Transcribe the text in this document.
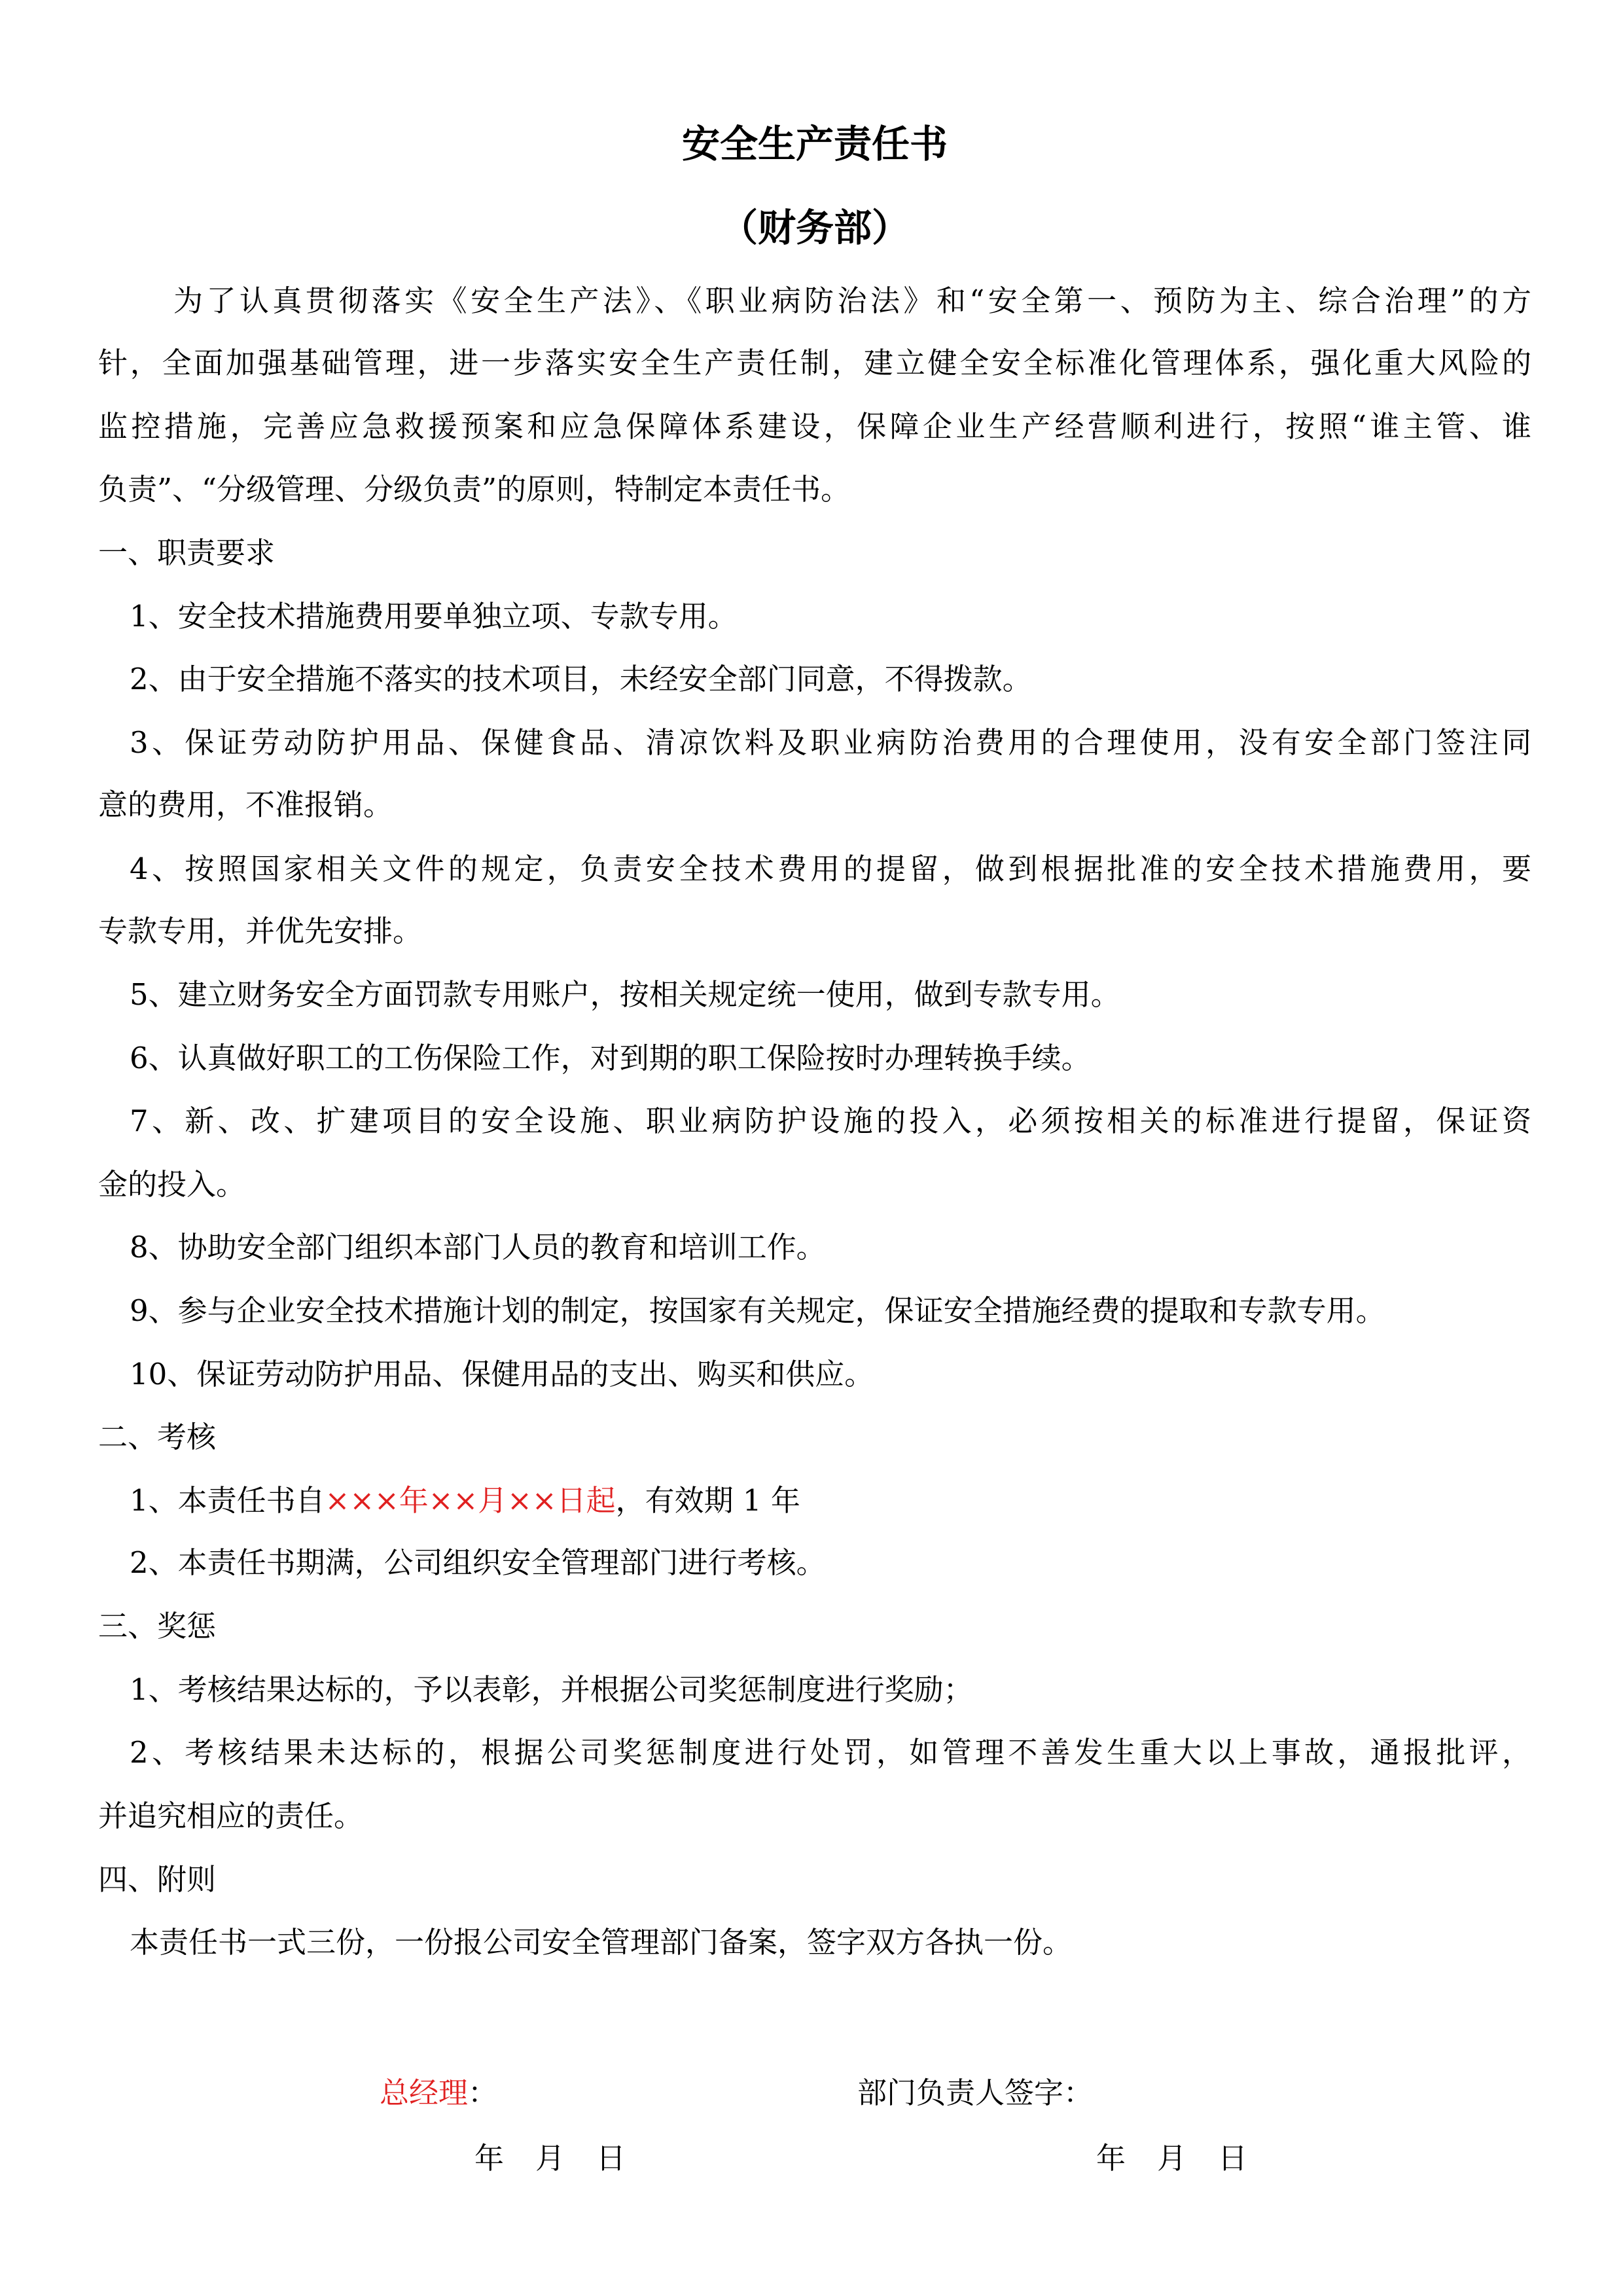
安全生产责任书
（财务部）

为了认真贯彻落实《安全生产法》、《职业病防治法》和“安全第一、预防为主、综合治理”的方

针，全面加强基础管理，进一步落实安全生产责任制，建立健全安全标准化管理体系，强化重大风险的

监控措施，完善应急救援预案和应急保障体系建设，保障企业生产经营顺利进行，按照“谁主管、谁

负责”、“分级管理、分级负责”的原则，特制定本责任书。

一、职责要求

1、安全技术措施费用要单独立项、专款专用。

2、由于安全措施不落实的技术项目，未经安全部门同意，不得拨款。

3、保证劳动防护用品、保健食品、清凉饮料及职业病防治费用的合理使用，没有安全部门签注同

意的费用，不准报销。

4、按照国家相关文件的规定，负责安全技术费用的提留，做到根据批准的安全技术措施费用，要

专款专用，并优先安排。

5、建立财务安全方面罚款专用账户，按相关规定统一使用，做到专款专用。

6、认真做好职工的工伤保险工作，对到期的职工保险按时办理转换手续。

7、新、改、扩建项目的安全设施、职业病防护设施的投入，必须按相关的标准进行提留，保证资

金的投入。

8、协助安全部门组织本部门人员的教育和培训工作。

9、参与企业安全技术措施计划的制定，按国家有关规定，保证安全措施经费的提取和专款专用。

10、保证劳动防护用品、保健用品的支出、购买和供应。

二、考核

1、本责任书自×××年××月××日起，有效期 1 年

2、本责任书期满，公司组织安全管理部门进行考核。

三、奖惩

1、考核结果达标的，予以表彰，并根据公司奖惩制度进行奖励；

2、考核结果未达标的，根据公司奖惩制度进行处罚，如管理不善发生重大以上事故，通报批评，

并追究相应的责任。

四、附则

本责任书一式三份，一份报公司安全管理部门备案，签字双方各执一份。

总经理：	部门负责人签字：

年 月 日	年 月 日
